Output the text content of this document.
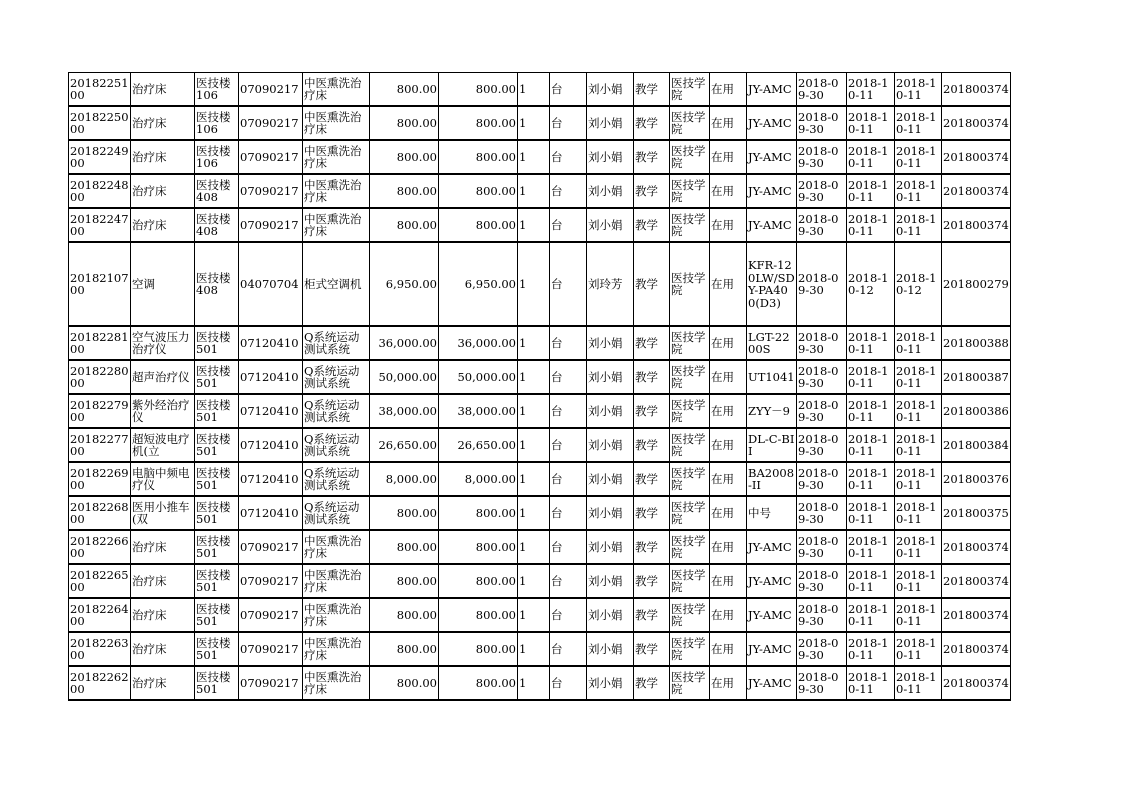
2018225100	治疗床	医技楼106	07090217	中医熏洗治疗床	800.00	800.00	1	台	刘小娟	教学	医技学院	在用	JY-AMC	2018-09-30	2018-10-11	2018-10-11	201800374
2018225000	治疗床	医技楼106	07090217	中医熏洗治疗床	800.00	800.00	1	台	刘小娟	教学	医技学院	在用	JY-AMC	2018-09-30	2018-10-11	2018-10-11	201800374
2018224900	治疗床	医技楼106	07090217	中医熏洗治疗床	800.00	800.00	1	台	刘小娟	教学	医技学院	在用	JY-AMC	2018-09-30	2018-10-11	2018-10-11	201800374
2018224800	治疗床	医技楼408	07090217	中医熏洗治疗床	800.00	800.00	1	台	刘小娟	教学	医技学院	在用	JY-AMC	2018-09-30	2018-10-11	2018-10-11	201800374
2018224700	治疗床	医技楼408	07090217	中医熏洗治疗床	800.00	800.00	1	台	刘小娟	教学	医技学院	在用	JY-AMC	2018-09-30	2018-10-11	2018-10-11	201800374
2018210700	空调	医技楼408	04070704	柜式空调机	6,950.00	6,950.00	1	台	刘玲芳	教学	医技学院	在用	KFR-120LW/SDY-PA400(D3)	2018-09-30	2018-10-12	2018-10-12	201800279
2018228100	空气波压力治疗仪	医技楼501	07120410	Q系统运动测试系统	36,000.00	36,000.00	1	台	刘小娟	教学	医技学院	在用	LGT-2200S	2018-09-30	2018-10-11	2018-10-11	201800388
2018228000	超声治疗仪	医技楼501	07120410	Q系统运动测试系统	50,000.00	50,000.00	1	台	刘小娟	教学	医技学院	在用	UT1041	2018-09-30	2018-10-11	2018-10-11	201800387
2018227900	紫外经治疗仪	医技楼501	07120410	Q系统运动测试系统	38,000.00	38,000.00	1	台	刘小娟	教学	医技学院	在用	ZYY－9	2018-09-30	2018-10-11	2018-10-11	201800386
2018227700	超短波电疗机(立	医技楼501	07120410	Q系统运动测试系统	26,650.00	26,650.00	1	台	刘小娟	教学	医技学院	在用	DL-C-BII	2018-09-30	2018-10-11	2018-10-11	201800384
2018226900	电脑中频电疗仪	医技楼501	07120410	Q系统运动测试系统	8,000.00	8,000.00	1	台	刘小娟	教学	医技学院	在用	BA2008-II	2018-09-30	2018-10-11	2018-10-11	201800376
2018226800	医用小推车(双	医技楼501	07120410	Q系统运动测试系统	800.00	800.00	1	台	刘小娟	教学	医技学院	在用	中号	2018-09-30	2018-10-11	2018-10-11	201800375
2018226600	治疗床	医技楼501	07090217	中医熏洗治疗床	800.00	800.00	1	台	刘小娟	教学	医技学院	在用	JY-AMC	2018-09-30	2018-10-11	2018-10-11	201800374
2018226500	治疗床	医技楼501	07090217	中医熏洗治疗床	800.00	800.00	1	台	刘小娟	教学	医技学院	在用	JY-AMC	2018-09-30	2018-10-11	2018-10-11	201800374
2018226400	治疗床	医技楼501	07090217	中医熏洗治疗床	800.00	800.00	1	台	刘小娟	教学	医技学院	在用	JY-AMC	2018-09-30	2018-10-11	2018-10-11	201800374
2018226300	治疗床	医技楼501	07090217	中医熏洗治疗床	800.00	800.00	1	台	刘小娟	教学	医技学院	在用	JY-AMC	2018-09-30	2018-10-11	2018-10-11	201800374
2018226200	治疗床	医技楼501	07090217	中医熏洗治疗床	800.00	800.00	1	台	刘小娟	教学	医技学院	在用	JY-AMC	2018-09-30	2018-10-11	2018-10-11	201800374
